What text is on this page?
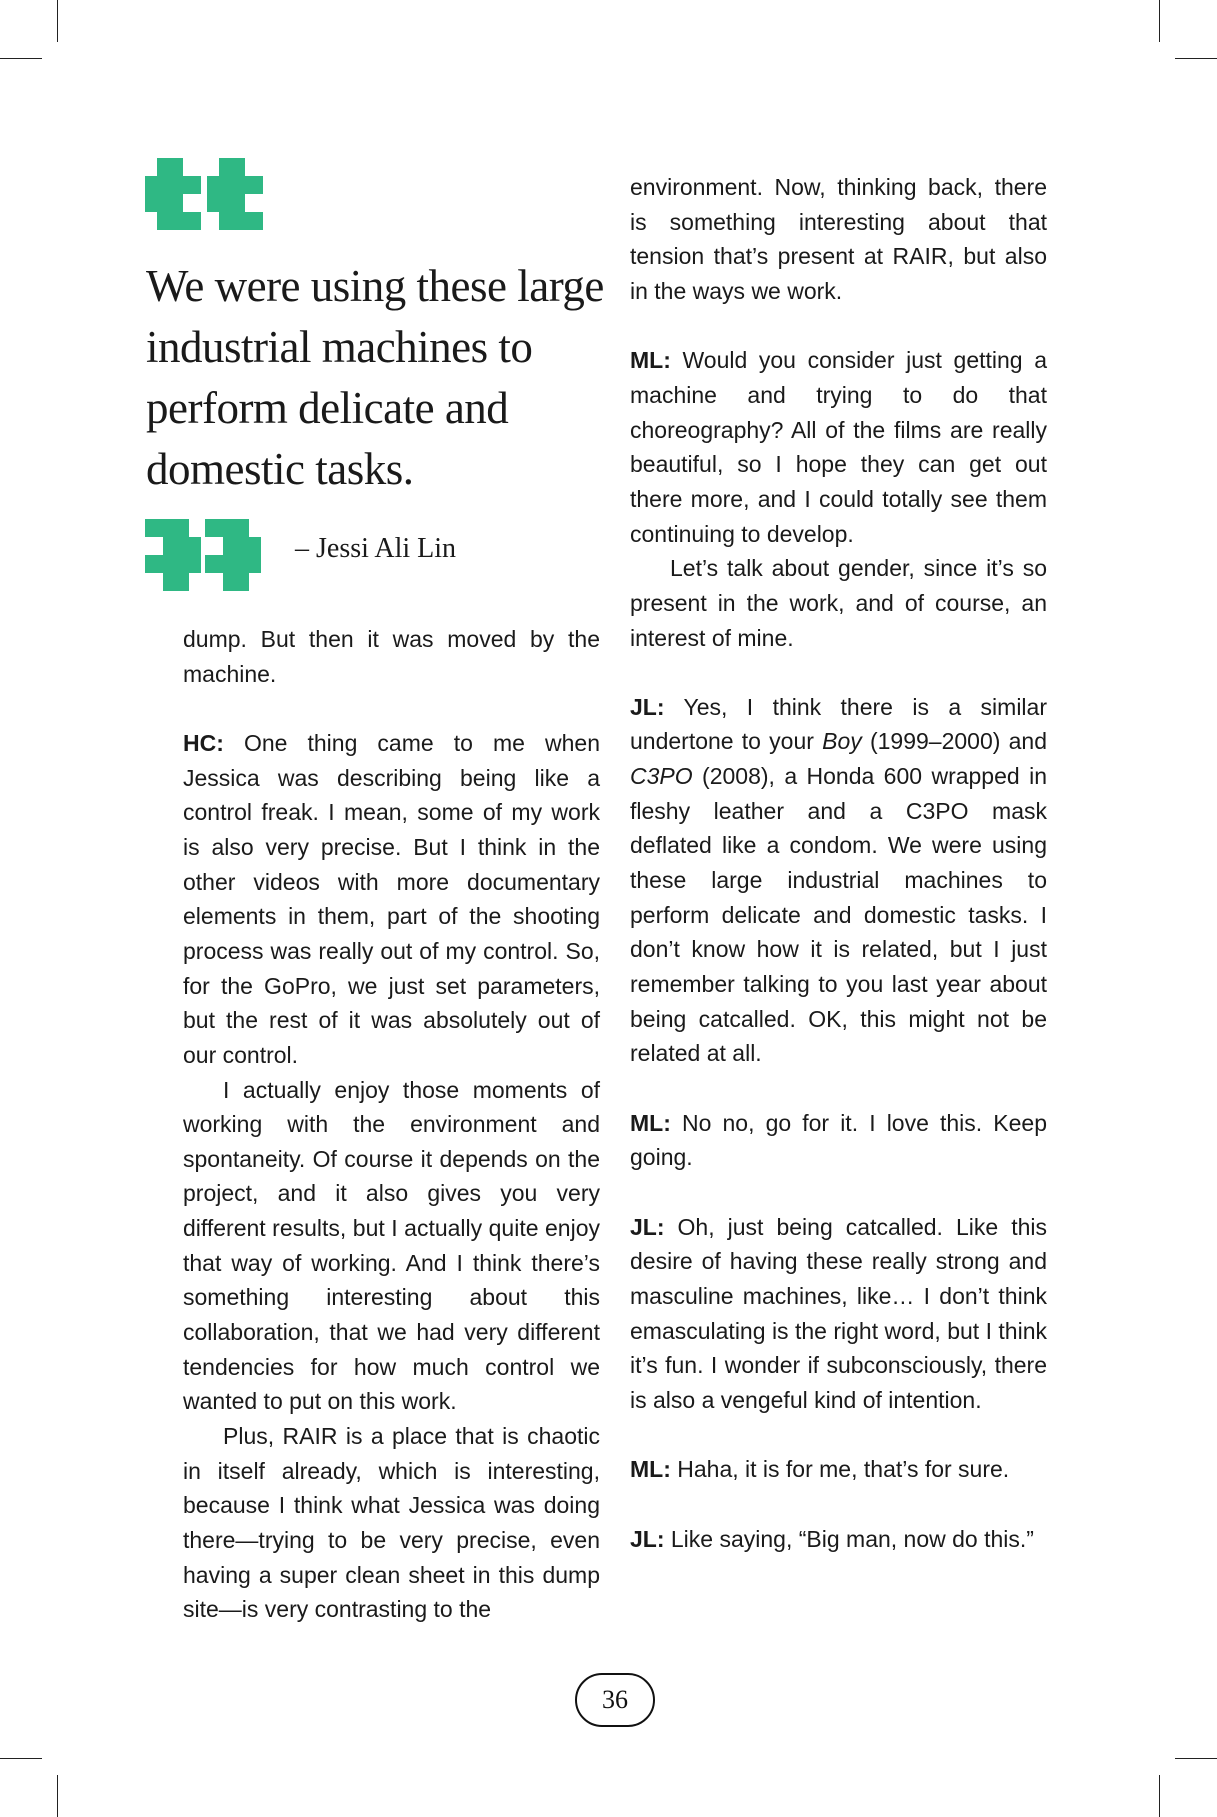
We were using these large industrial machines to perform delicate and domestic tasks.

– Jessi Ali Lin

dump. But then it was moved by the machine.

HC: One thing came to me when Jessica was describing being like a control freak. I mean, some of my work is also very precise. But I think in the other videos with more documentary elements in them, part of the shooting process was really out of my control. So, for the GoPro, we just set parameters, but the rest of it was absolutely out of our control.

I actually enjoy those moments of working with the environment and spontaneity. Of course it depends on the project, and it also gives you very different results, but I actually quite enjoy that way of working. And I think there’s something interesting about this collaboration, that we had very different tendencies for how much control we wanted to put on this work.

Plus, RAIR is a place that is chaotic in itself already, which is interesting, because I think what Jessica was doing there—trying to be very precise, even having a super clean sheet in this dump site—is very contrasting to the

environment. Now, thinking back, there is something interesting about that tension that’s present at RAIR, but also in the ways we work.

ML: Would you consider just getting a machine and trying to do that choreography? All of the films are really beautiful, so I hope they can get out there more, and I could totally see them continuing to develop.

Let’s talk about gender, since it’s so present in the work, and of course, an interest of mine.

JL: Yes, I think there is a similar undertone to your Boy (1999–2000) and C3PO (2008), a Honda 600 wrapped in fleshy leather and a C3PO mask deflated like a condom. We were using these large industrial machines to perform delicate and domestic tasks. I don’t know how it is related, but I just remember talking to you last year about being catcalled. OK, this might not be related at all.

ML: No no, go for it. I love this. Keep going.

JL: Oh, just being catcalled. Like this desire of having these really strong and masculine machines, like… I don’t think emasculating is the right word, but I think it’s fun. I wonder if subconsciously, there is also a vengeful kind of intention.

ML: Haha, it is for me, that’s for sure.

JL: Like saying, “Big man, now do this.”

36
